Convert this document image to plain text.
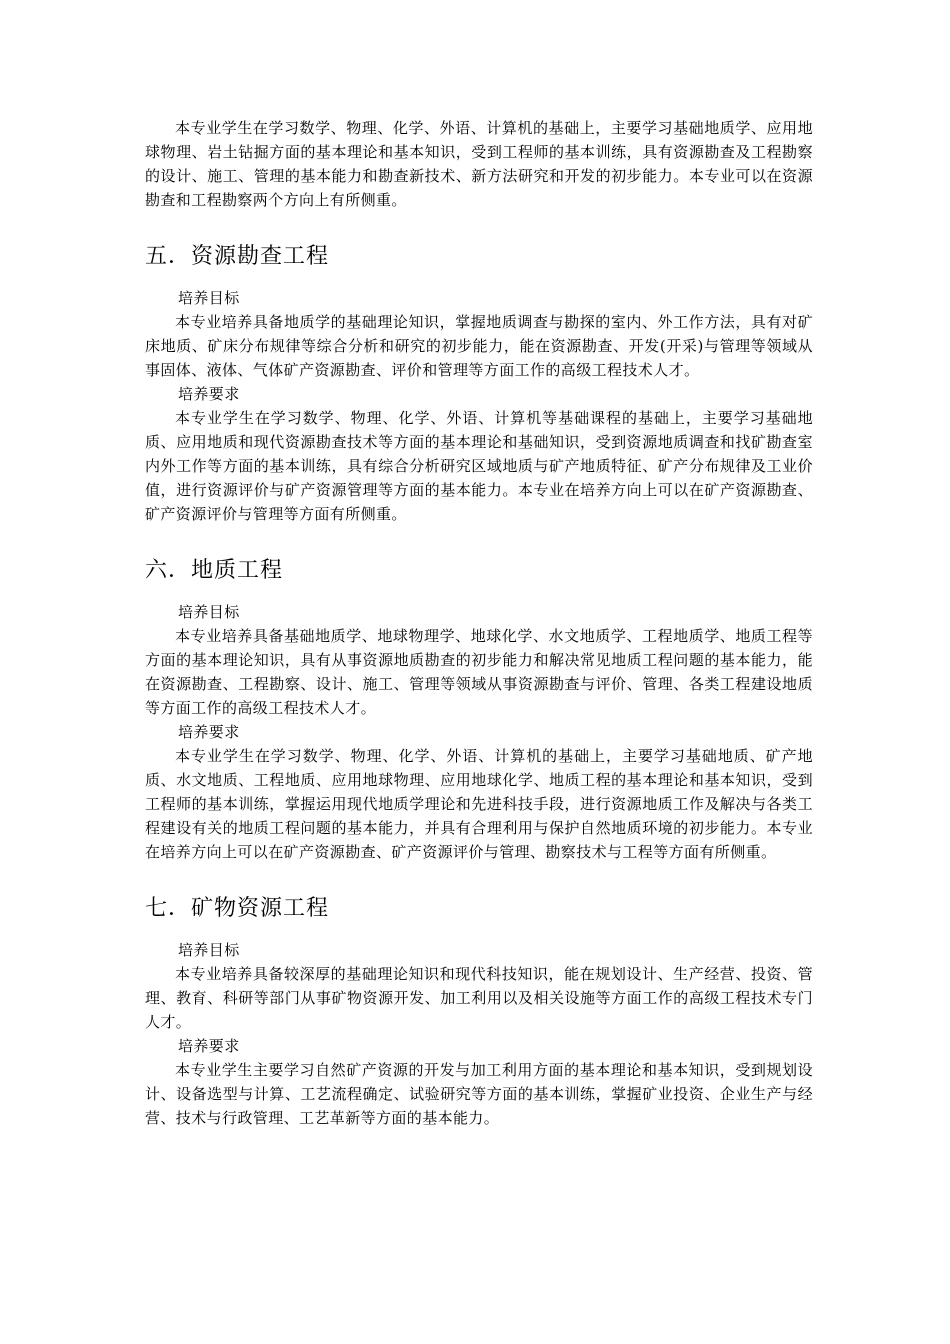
本专业学生在学习数学、物理、化学、外语、计算机的基础上，主要学习基础地质学、应用地球物理、岩土钻掘方面的基本理论和基本知识，受到工程师的基本训练，具有资源勘查及工程勘察的设计、施工、管理的基本能力和勘查新技术、新方法研究和开发的初步能力。本专业可以在资源勘查和工程勘察两个方向上有所侧重。

五．资源勘查工程

培养目标

本专业培养具备地质学的基础理论知识，掌握地质调查与勘探的室内、外工作方法，具有对矿床地质、矿床分布规律等综合分析和研究的初步能力，能在资源勘查、开发(开采)与管理等领域从事固体、液体、气体矿产资源勘查、评价和管理等方面工作的高级工程技术人才。

培养要求

本专业学生在学习数学、物理、化学、外语、计算机等基础课程的基础上，主要学习基础地质、应用地质和现代资源勘查技术等方面的基本理论和基础知识，受到资源地质调查和找矿勘查室内外工作等方面的基本训练，具有综合分析研究区域地质与矿产地质特征、矿产分布规律及工业价值，进行资源评价与矿产资源管理等方面的基本能力。本专业在培养方向上可以在矿产资源勘查、矿产资源评价与管理等方面有所侧重。

六．地质工程

培养目标

本专业培养具备基础地质学、地球物理学、地球化学、水文地质学、工程地质学、地质工程等方面的基本理论知识，具有从事资源地质勘查的初步能力和解决常见地质工程问题的基本能力，能在资源勘查、工程勘察、设计、施工、管理等领域从事资源勘查与评价、管理、各类工程建设地质等方面工作的高级工程技术人才。

培养要求

本专业学生在学习数学、物理、化学、外语、计算机的基础上，主要学习基础地质、矿产地质、水文地质、工程地质、应用地球物理、应用地球化学、地质工程的基本理论和基本知识，受到工程师的基本训练，掌握运用现代地质学理论和先进科技手段，进行资源地质工作及解决与各类工程建设有关的地质工程问题的基本能力，并具有合理利用与保护自然地质环境的初步能力。本专业在培养方向上可以在矿产资源勘查、矿产资源评价与管理、勘察技术与工程等方面有所侧重。

七．矿物资源工程

培养目标

本专业培养具备较深厚的基础理论知识和现代科技知识，能在规划设计、生产经营、投资、管理、教育、科研等部门从事矿物资源开发、加工利用以及相关设施等方面工作的高级工程技术专门人才。

培养要求

本专业学生主要学习自然矿产资源的开发与加工利用方面的基本理论和基本知识，受到规划设计、设备选型与计算、工艺流程确定、试验研究等方面的基本训练，掌握矿业投资、企业生产与经营、技术与行政管理、工艺革新等方面的基本能力。
